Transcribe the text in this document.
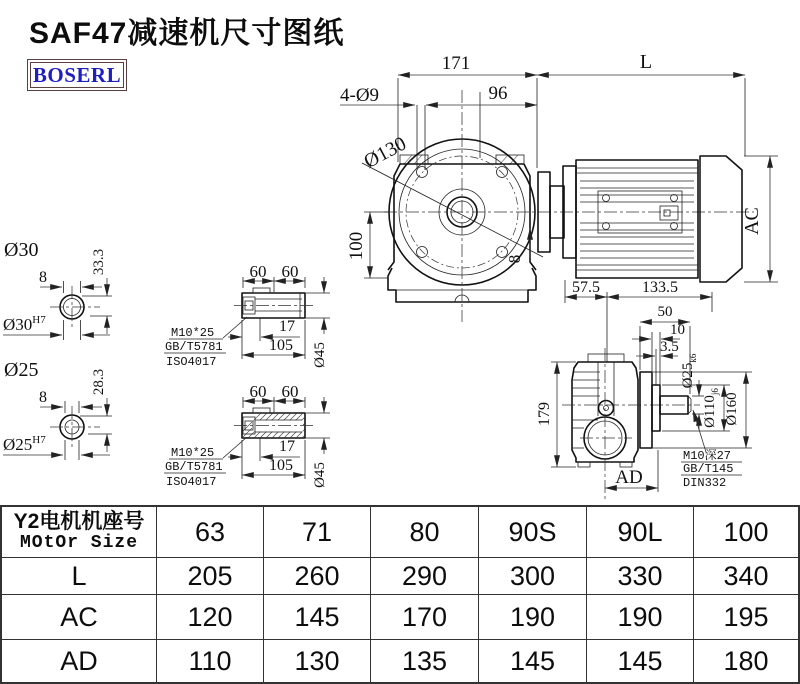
SAF47减速机尺寸图纸
BOSERL	171	L
4-Ø9	96
Ø130
100	8
AC
57.5	133.5
Ø30
8
33.3
$Ø30^{H7}$
Ø25
8
28.3
$Ø25^{H7}$
60 60
17
105
M10*25
GB/T5781
ISO4017	Ø45
60 60
17
105
M10*25
GB/T5781
ISO4017	Ø45
M10深27
GB/T145
DIN332
50
10
3.5
$Ø25_{k6}$
$Ø110_{j6}$
Ø160
179
AD
Y2电机机座号
MOtOr Size	63	71	80	90S	90L	100
L	205	260	290	300	330	340
AC	120	145	170	190	190	195
AD	110	130	135	145	145	180
